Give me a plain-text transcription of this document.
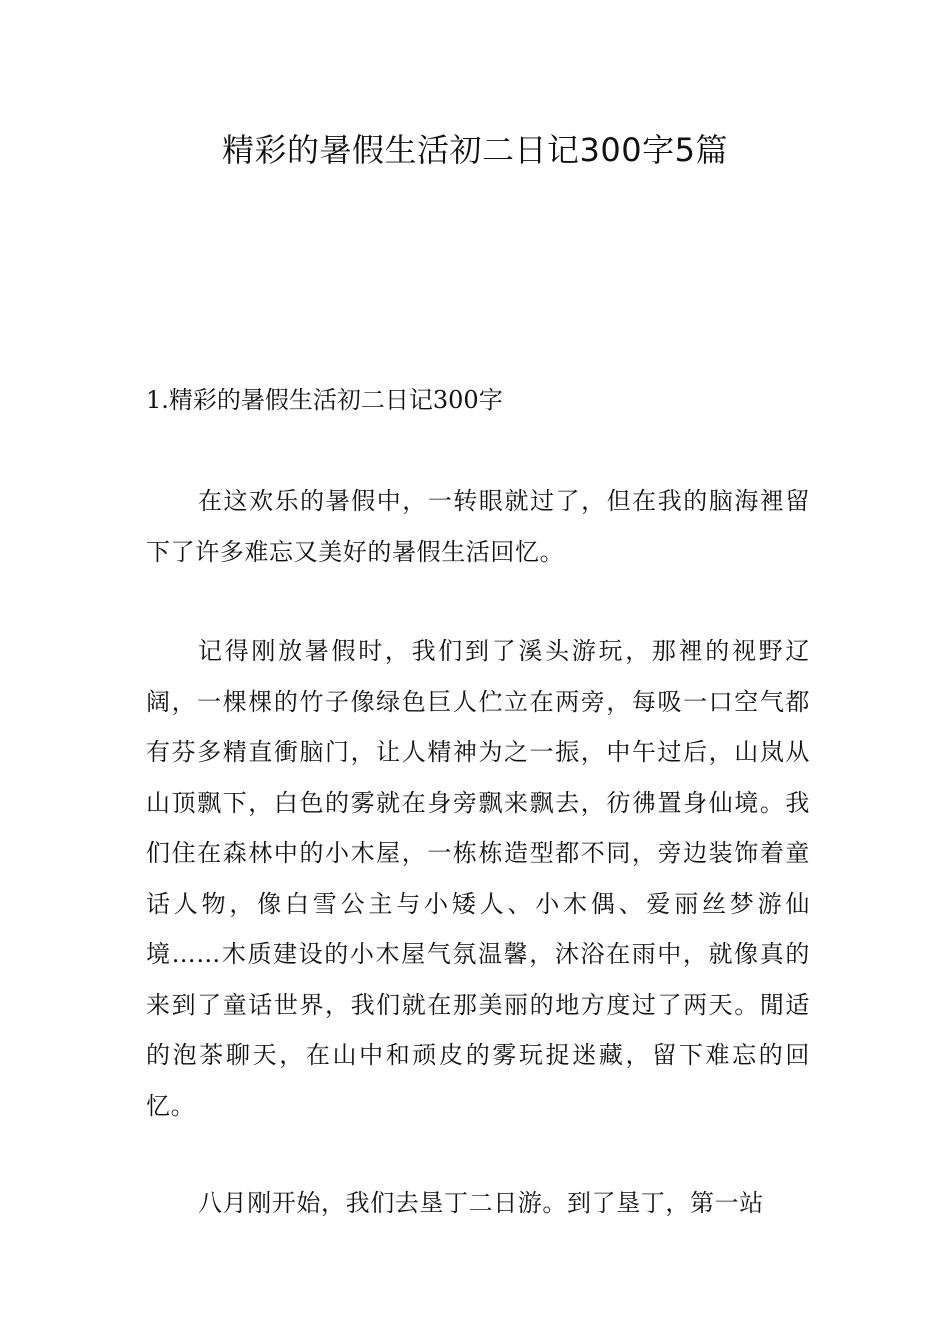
精彩的暑假生活初二日记300字5篇
1.精彩的暑假生活初二日记300字

在这欢乐的暑假中，一转眼就过了，但在我的脑海裡留下了许多难忘又美好的暑假生活回忆。

记得刚放暑假时，我们到了溪头游玩，那裡的视野辽阔，一棵棵的竹子像绿色巨人伫立在两旁，每吸一口空气都有芬多精直衝脑门，让人精神为之一振，中午过后，山岚从山顶飘下，白色的雾就在身旁飘来飘去，彷彿置身仙境。我们住在森林中的小木屋，一栋栋造型都不同，旁边装饰着童话人物，像白雪公主与小矮人、小木偶、爱丽丝梦游仙境……木质建设的小木屋气氛温馨，沐浴在雨中，就像真的来到了童话世界，我们就在那美丽的地方度过了两天。閒适的泡茶聊天，在山中和顽皮的雾玩捉迷藏，留下难忘的回忆。

八月刚开始，我们去垦丁二日游。到了垦丁，第一站
